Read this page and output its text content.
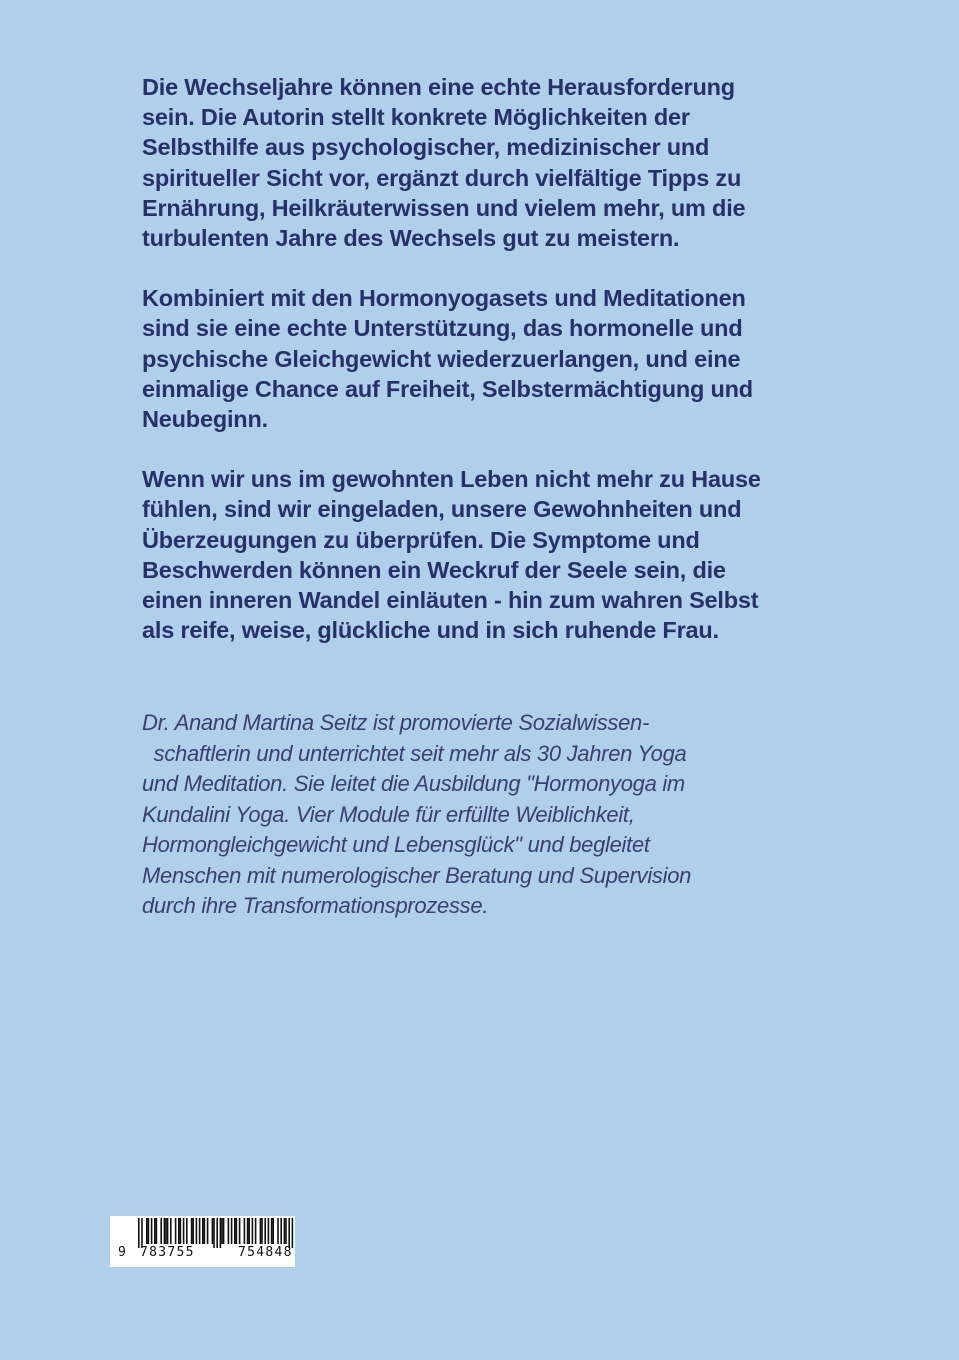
Die Wechseljahre können eine echte Herausforderung
sein. Die Autorin stellt konkrete Möglichkeiten der
Selbsthilfe aus psychologischer, medizinischer und
spiritueller Sicht vor, ergänzt durch vielfältige Tipps zu
Ernährung, Heilkräuterwissen und vielem mehr, um die
turbulenten Jahre des Wechsels gut zu meistern.
Kombiniert mit den Hormonyogasets und Meditationen
sind sie eine echte Unterstützung, das hormonelle und
psychische Gleichgewicht wiederzuerlangen, und eine
einmalige Chance auf Freiheit, Selbstermächtigung und
Neubeginn.
Wenn wir uns im gewohnten Leben nicht mehr zu Hause
fühlen, sind wir eingeladen, unsere Gewohnheiten und
Überzeugungen zu überprüfen. Die Symptome und
Beschwerden können ein Weckruf der Seele sein, die
einen inneren Wandel einläuten - hin zum wahren Selbst
als reife, weise, glückliche und in sich ruhende Frau.
Dr. Anand Martina Seitz ist promovierte Sozialwissen-
schaftlerin und unterrichtet seit mehr als 30 Jahren Yoga
und Meditation. Sie leitet die Ausbildung "Hormonyoga im
Kundalini Yoga. Vier Module für erfüllte Weiblichkeit,
Hormongleichgewicht und Lebensglück" und begleitet
Menschen mit numerologischer Beratung und Supervision
durch ihre Transformationsprozesse.
9 783755	754848
